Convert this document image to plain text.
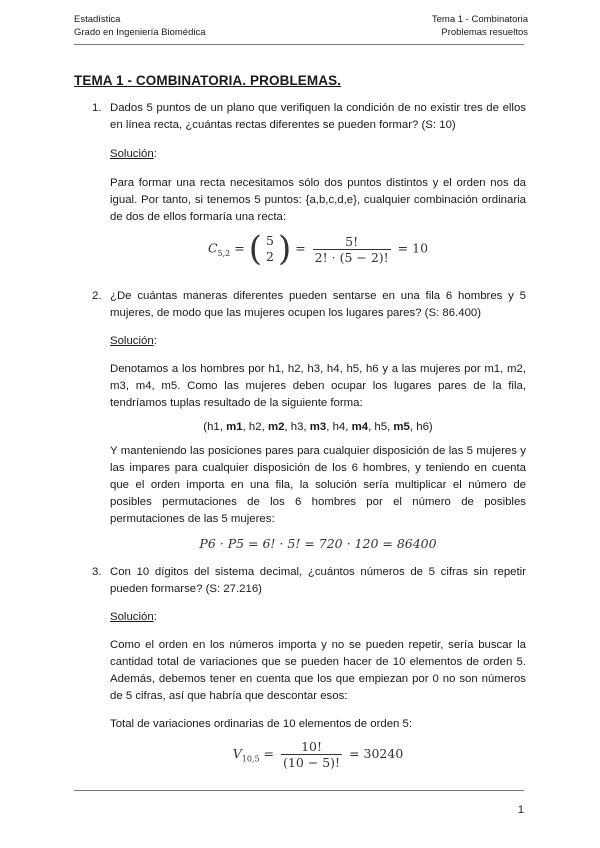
Estadística
Grado en Ingeniería Biomédica
Tema 1 - Combinatoria
Problemas resueltos
TEMA 1 - COMBINATORIA. PROBLEMAS.
1. Dados 5 puntos de un plano que verifiquen la condición de no existir tres de ellos en línea recta, ¿cuántas rectas diferentes se pueden formar? (S: 10)

Solución:

Para formar una recta necesitamos sólo dos puntos distintos y el orden nos da igual. Por tanto, si tenemos 5 puntos: {a,b,c,d,e}, cualquier combinación ordinaria de dos de ellos formaría una recta:

$C_{5,2}$ = ( 5
2 ) = $\frac{5!}{2! \cdot (5 - 2)!} = 10$
2. ¿De cuántas maneras diferentes pueden sentarse en una fila 6 hombres y 5 mujeres, de modo que las mujeres ocupen los lugares pares? (S: 86.400)

Solución:

Denotamos a los hombres por h1, h2, h3, h4, h5, h6 y a las mujeres por m1, m2, m3, m4, m5. Como las mujeres deben ocupar los lugares pares de la fila, tendríamos tuplas resultado de la siguiente forma:

(h1, m1, h2, m2, h3, m3, h4, m4, h5, m5, h6)

Y manteniendo las posiciones pares para cualquier disposición de las 5 mujeres y las impares para cualquier disposición de los 6 hombres, y teniendo en cuenta que el orden importa en una fila, la solución sería multiplicar el número de posibles permutaciones de los 6 hombres por el número de posibles permutaciones de las 5 mujeres:

P6 · P5 = 6! · 5! = 720 · 120 = 86400

3. Con 10 dígitos del sistema decimal, ¿cuántos números de 5 cifras sin repetir pueden formarse? (S: 27.216)

Solución:

Como el orden en los números importa y no se pueden repetir, sería buscar la cantidad total de variaciones que se pueden hacer de 10 elementos de orden 5. Además, debemos tener en cuenta que los que empiezan por 0 no son números de 5 cifras, así que habría que descontar esos:

Total de variaciones ordinarias de 10 elementos de orden 5:

$V_{10,5} = \frac{10!}{(10 - 5)!} = 30240$
1
